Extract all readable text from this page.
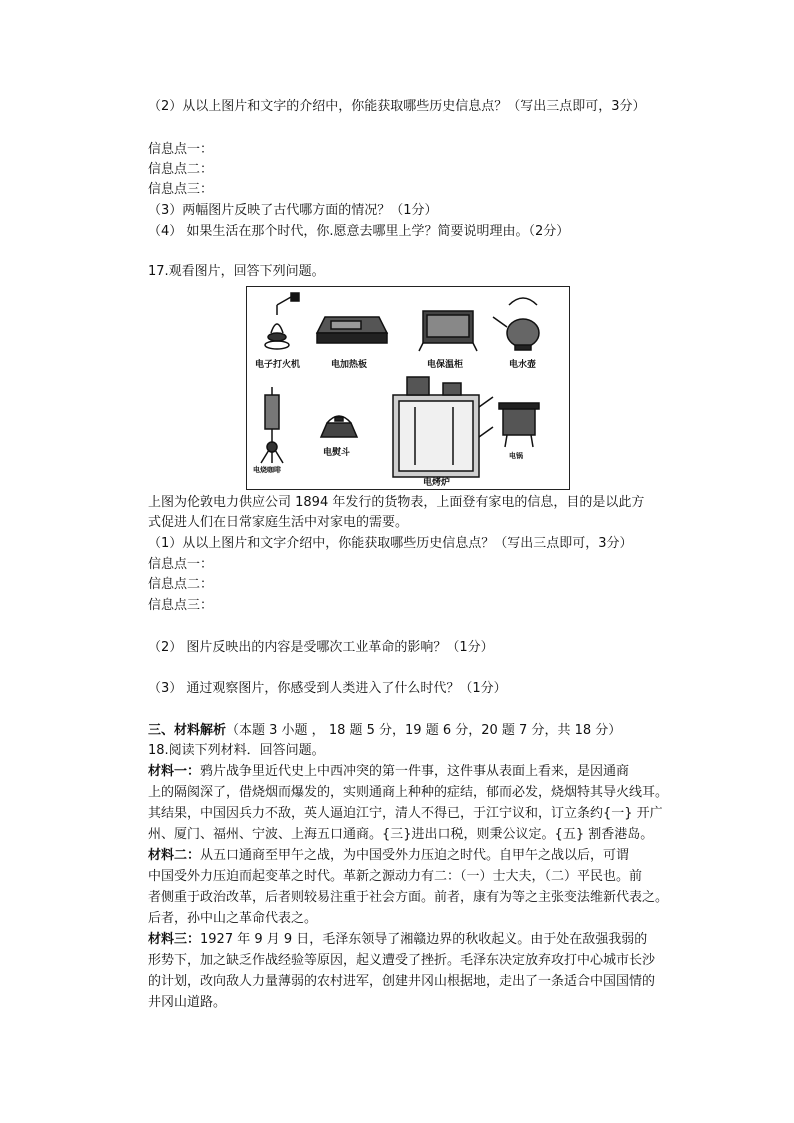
（2）从以上图片和文字的介绍中，你能获取哪些历史信息点？（写出三点即可，3分）
信息点一：
信息点二：
信息点三：
（3）两幅图片反映了古代哪方面的情况？（1分）
（4） 如果生活在那个时代，你.愿意去哪里上学？简要说明理由。（2分）
17.观看图片，回答下列问题。
电子打火机	电加热板	电保温柜	电水壶
电烧咖啡
电熨斗
电烤炉
电锅
上图为伦敦电力供应公司 1894 年发行的货物表，上面登有家电的信息，目的是以此方
式促进人们在日常家庭生活中对家电的需要。
（1）从以上图片和文字介绍中，你能获取哪些历史信息点？（写出三点即可，3分）
信息点一：
信息点二：
信息点三：
（2） 图片反映出的内容是受哪次工业革命的影响？（1分）
（3） 通过观察图片，你感受到人类进入了什么时代？（1分）
三、材料解析（本题 3 小题 ， 18 题 5 分，19 题 6 分，20 题 7 分，共 18 分）
18.阅读下列材料．回答问题。
材料一：鸦片战争里近代史上中西冲突的第一件事，这件事从表面上看来，是因通商
上的隔阂深了，借烧烟而爆发的，实则通商上种种的症结，郁而必发，烧烟特其导火线耳。
其结果，中国因兵力不敌，英人逼迫江宁，清人不得已，于江宁议和，订立条约{一} 开广
州、厦门、福州、宁波、上海五口通商。{三}进出口税，则秉公议定。{五} 割香港岛。
材料二：从五口通商至甲午之战，为中国受外力压迫之时代。自甲午之战以后，可谓
中国受外力压迫而起变革之时代。革新之源动力有二：（一）士大夫，（二）平民也。前
者侧重于政治改革，后者则较易注重于社会方面。前者，康有为等之主张变法维新代表之。
后者，孙中山之革命代表之。
材料三：1927 年 9 月 9 日，毛泽东领导了湘赣边界的秋收起义。由于处在敌强我弱的
形势下，加之缺乏作战经验等原因，起义遭受了挫折。毛泽东决定放弃攻打中心城市长沙
的计划，改向敌人力量薄弱的农村进军，创建井冈山根据地，走出了一条适合中国国情的
井冈山道路。
